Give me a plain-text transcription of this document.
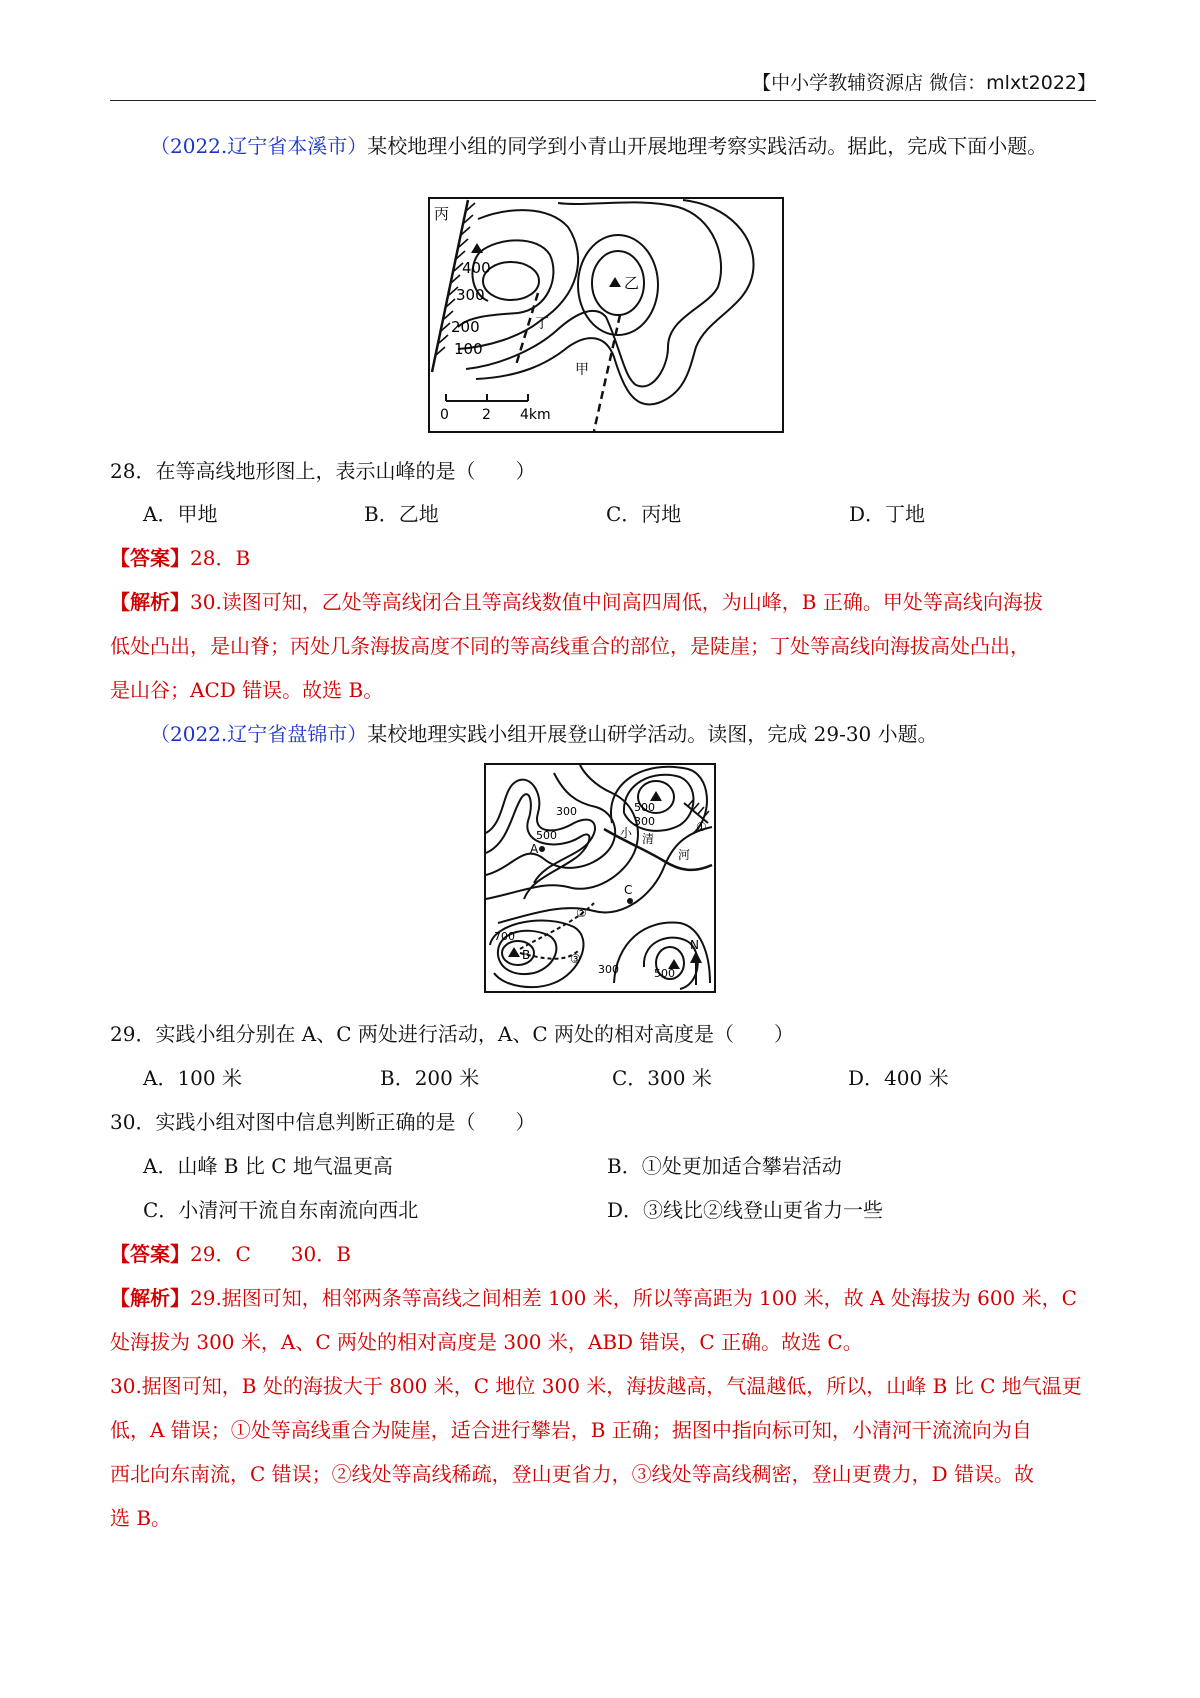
【中小学教辅资源店 微信：mlxt2022】
（2022.辽宁省本溪市）某校地理小组的同学到小青山开展地理考察实践活动。据此，完成下面小题。
丙
乙
丁
甲
400
300
200
100
0 2 4km
28．在等高线地形图上，表示山峰的是（　　）
A．甲地	B．乙地	C．丙地	D．丁地
【答案】28．B
【解析】30.读图可知，乙处等高线闭合且等高线数值中间高四周低，为山峰，B 正确。甲处等高线向海拔
低处凸出，是山脊；丙处几条海拔高度不同的等高线重合的部位，是陡崖；丁处等高线向海拔高处凸出，
是山谷；ACD 错误。故选 B。
（2022.辽宁省盘锦市）某校地理实践小组开展登山研学活动。读图，完成 29-30 小题。
A
B
C
小 清
河
①
②
③
500
300
300
500
700
300	500
N
29．实践小组分别在 A、C 两处进行活动，A、C 两处的相对高度是（　　）
A．100 米	B．200 米	C．300 米	D．400 米
30．实践小组对图中信息判断正确的是（　　）
A．山峰 B 比 C 地气温更高	B．①处更加适合攀岩活动
C．小清河干流自东南流向西北	D．③线比②线登山更省力一些
【答案】29．C　　30．B
【解析】29.据图可知，相邻两条等高线之间相差 100 米，所以等高距为 100 米，故 A 处海拔为 600 米，C
处海拔为 300 米，A、C 两处的相对高度是 300 米，ABD 错误，C 正确。故选 C。
30.据图可知，B 处的海拔大于 800 米，C 地位 300 米，海拔越高，气温越低，所以，山峰 B 比 C 地气温更
低，A 错误；①处等高线重合为陡崖，适合进行攀岩，B 正确；据图中指向标可知，小清河干流流向为自
西北向东南流，C 错误；②线处等高线稀疏，登山更省力，③线处等高线稠密，登山更费力，D 错误。故
选 B。
